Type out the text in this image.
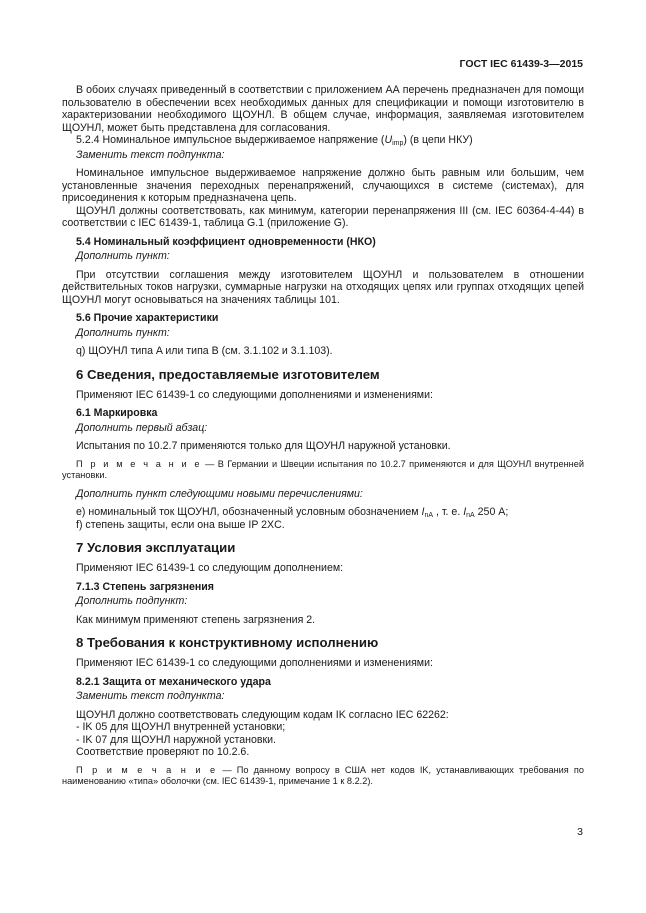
ГОСТ IEC 61439-3—2015

В обоих случаях приведенный в соответствии с приложением АА перечень предназначен для помощи пользователю в обеспечении всех необходимых данных для спецификации и помощи изготовителю в характеризовании необходимого ЩОУНЛ. В общем случае, информация, заявляемая изготовителем ЩОУНЛ, может быть представлена для согласования.

5.2.4 Номинальное импульсное выдерживаемое напряжение $(U_{imp})$ (в цепи НКУ)

Заменить текст подпункта:

Номинальное импульсное выдерживаемое напряжение должно быть равным или большим, чем установленные значения переходных перенапряжений, случающихся в системе (системах), для присоединения к которым предназначена цепь.

ЩОУНЛ должны соответствовать, как минимум, категории перенапряжения III (см. IEC 60364-4-44) в соответствии с IEC 61439-1, таблица G.1 (приложение G).

5.4 Номинальный коэффициент одновременности (НКО)

Дополнить пункт:

При отсутствии соглашения между изготовителем ЩОУНЛ и пользователем в отношении действительных токов нагрузки, суммарные нагрузки на отходящих цепях или группах отходящих цепей ЩОУНЛ могут основываться на значениях таблицы 101.

5.6 Прочие характеристики

Дополнить пункт:

q) ЩОУНЛ типа A или типа B (см. 3.1.102 и 3.1.103).

6 Сведения, предоставляемые изготовителем

Применяют IEC 61439-1 со следующими дополнениями и изменениями:

6.1 Маркировка

Дополнить первый абзац:

Испытания по 10.2.7 применяются только для ЩОУНЛ наружной установки.

П р и м е ч а н и е — В Германии и Швеции испытания по 10.2.7 применяются и для ЩОУНЛ внутренней установки.

Дополнить пункт следующими новыми перечислениями:

e) номинальный ток ЩОУНЛ, обозначенный условным обозначением $I_{nA}$ , т. е. $I_{nA}$ 250 А;

f) степень защиты, если она выше IP 2XC.

7 Условия эксплуатации

Применяют IEC 61439-1 со следующим дополнением:

7.1.3 Степень загрязнения

Дополнить подпункт:

Как минимум применяют степень загрязнения 2.

8 Требования к конструктивному исполнению

Применяют IEC 61439-1 со следующими дополнениями и изменениями:

8.2.1 Защита от механического удара

Заменить текст подпункта:

ЩОУНЛ должно соответствовать следующим кодам IK согласно IEC 62262:

- IK 05 для ЩОУНЛ внутренней установки;

- IK 07 для ЩОУНЛ наружной установки.

Соответствие проверяют по 10.2.6.

П р и м е ч а н и е — По данному вопросу в США нет кодов IK, устанавливающих требования по наименованию «типа» оболочки (см. IEC 61439-1, примечание 1 к 8.2.2).

3
